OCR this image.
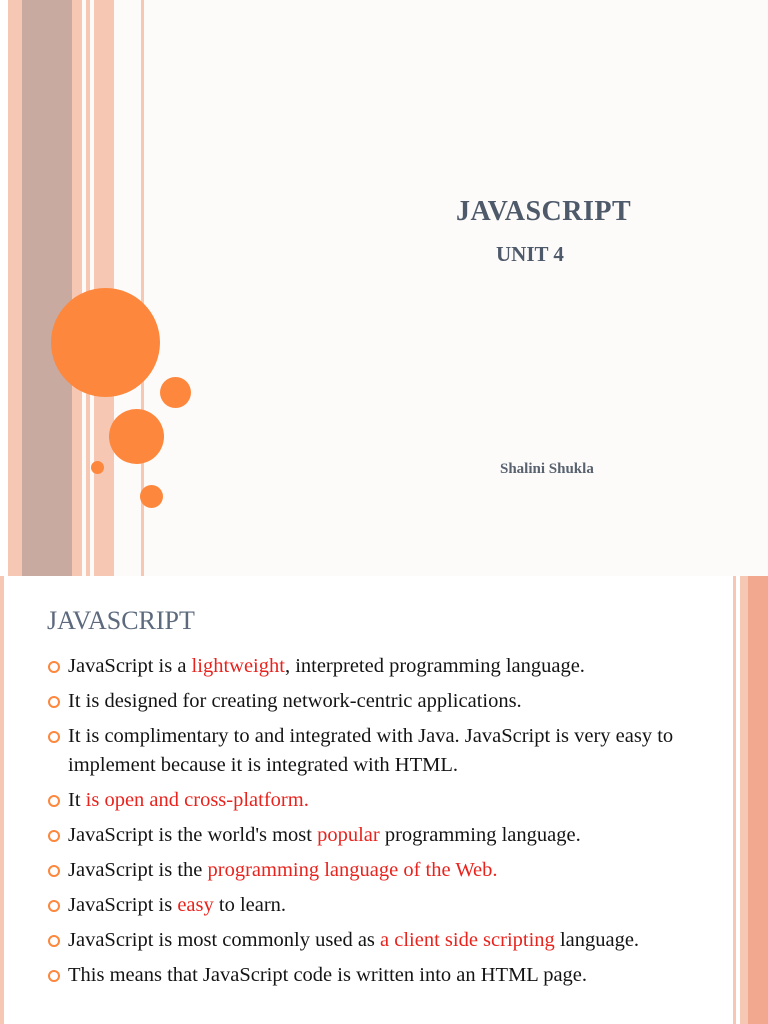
JAVASCRIPT
UNIT 4
Shalini Shukla
JAVASCRIPT
JavaScript is a lightweight, interpreted programming language.
It is designed for creating network-centric applications.
It is complimentary to and integrated with Java. JavaScript is very easy to implement because it is integrated with HTML.
It is open and cross-platform.
JavaScript is the world's most popular programming language.
JavaScript is the programming language of the Web.
JavaScript is easy to learn.
JavaScript is most commonly used as a client side scripting language.
This means that JavaScript code is written into an HTML page.
